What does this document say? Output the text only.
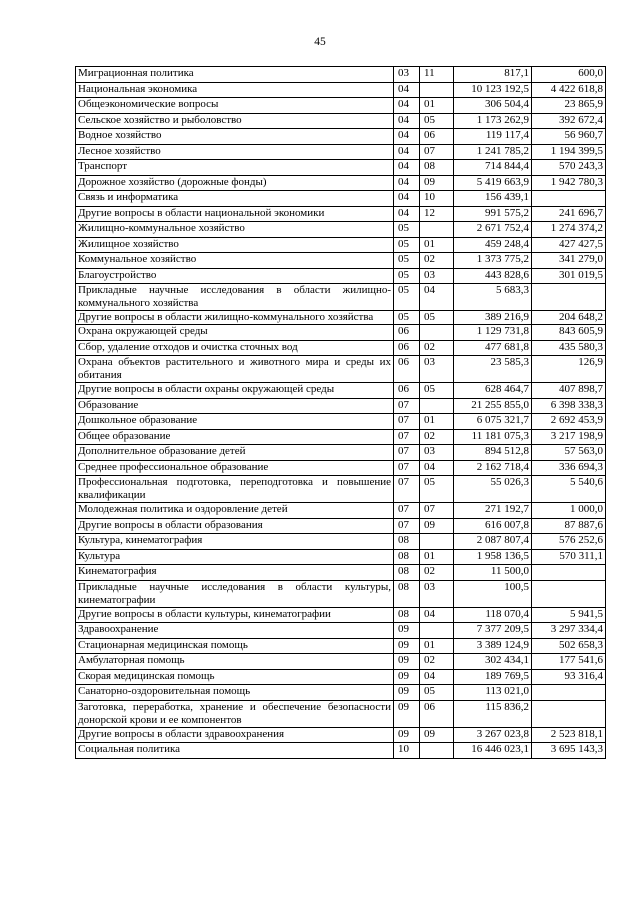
45
Миграционная политика	03	11	817,1	600,0
Национальная экономика	04		10 123 192,5	4 422 618,8
Общеэкономические вопросы	04	01	306 504,4	23 865,9
Сельское хозяйство и рыболовство	04	05	1 173 262,9	392 672,4
Водное хозяйство	04	06	119 117,4	56 960,7
Лесное хозяйство	04	07	1 241 785,2	1 194 399,5
Транспорт	04	08	714 844,4	570 243,3
Дорожное хозяйство (дорожные фонды)	04	09	5 419 663,9	1 942 780,3
Связь и информатика	04	10	156 439,1	
Другие вопросы в области национальной экономики	04	12	991 575,2	241 696,7
Жилищно-коммунальное хозяйство	05		2 671 752,4	1 274 374,2
Жилищное хозяйство	05	01	459 248,4	427 427,5
Коммунальное хозяйство	05	02	1 373 775,2	341 279,0
Благоустройство	05	03	443 828,6	301 019,5
Прикладные научные исследования в области жилищно-коммунального хозяйства	05	04	5 683,3	
Другие вопросы в области жилищно-коммунального хозяйства	05	05	389 216,9	204 648,2
Охрана окружающей среды	06		1 129 731,8	843 605,9
Сбор, удаление отходов и очистка сточных вод	06	02	477 681,8	435 580,3
Охрана объектов растительного и животного мира и среды их обитания	06	03	23 585,3	126,9
Другие вопросы в области охраны окружающей среды	06	05	628 464,7	407 898,7
Образование	07		21 255 855,0	6 398 338,3
Дошкольное образование	07	01	6 075 321,7	2 692 453,9
Общее образование	07	02	11 181 075,3	3 217 198,9
Дополнительное образование детей	07	03	894 512,8	57 563,0
Среднее профессиональное образование	07	04	2 162 718,4	336 694,3
Профессиональная подготовка, переподготовка и повышение квалификации	07	05	55 026,3	5 540,6
Молодежная политика и оздоровление детей	07	07	271 192,7	1 000,0
Другие вопросы в области образования	07	09	616 007,8	87 887,6
Культура, кинематография	08		2 087 807,4	576 252,6
Культура	08	01	1 958 136,5	570 311,1
Кинематография	08	02	11 500,0	
Прикладные научные исследования в области культуры, кинематографии	08	03	100,5	
Другие вопросы в области культуры, кинематографии	08	04	118 070,4	5 941,5
Здравоохранение	09		7 377 209,5	3 297 334,4
Стационарная медицинская помощь	09	01	3 389 124,9	502 658,3
Амбулаторная помощь	09	02	302 434,1	177 541,6
Скорая медицинская помощь	09	04	189 769,5	93 316,4
Санаторно-оздоровительная помощь	09	05	113 021,0	
Заготовка, переработка, хранение и обеспечение безопасности донорской крови и ее компонентов	09	06	115 836,2	
Другие вопросы в области здравоохранения	09	09	3 267 023,8	2 523 818,1
Социальная политика	10		16 446 023,1	3 695 143,3
